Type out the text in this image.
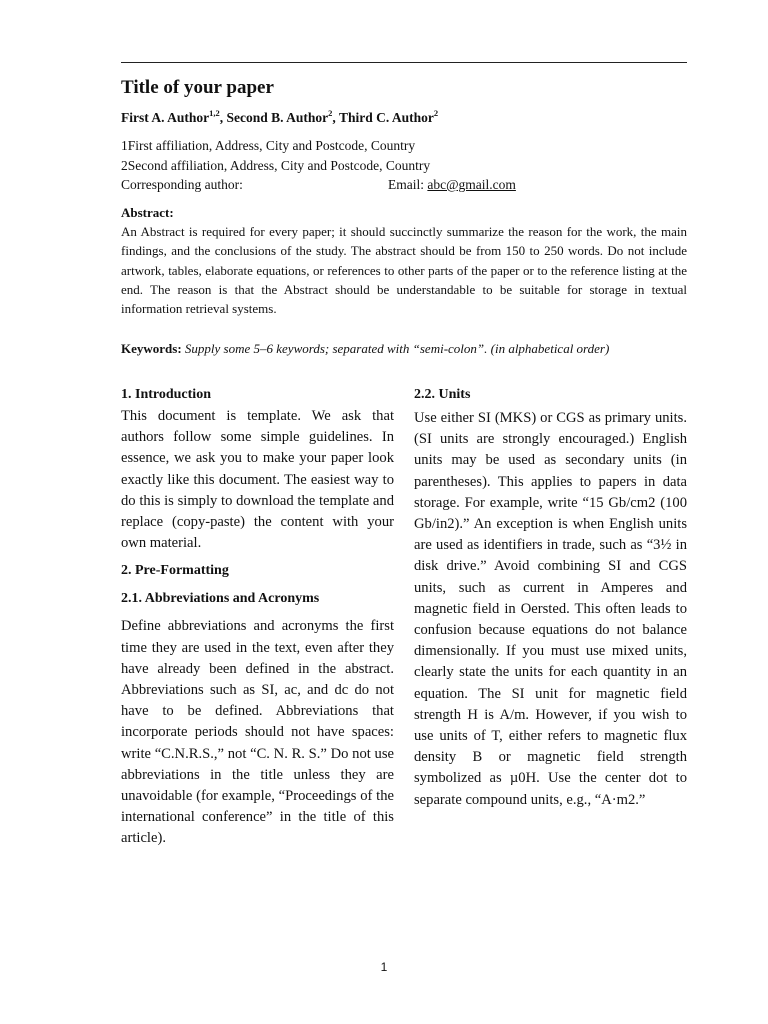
Title of your paper
First A. Author$^{1,2}$, Second B. Author$^2$, Third C. Author$^2$
1First affiliation, Address, City and Postcode, Country
2Second affiliation, Address, City and Postcode, Country
Corresponding author:	Email: abc@gmail.com
Abstract:

An Abstract is required for every paper; it should succinctly summarize the reason for the work, the main findings, and the conclusions of the study. The abstract should be from 150 to 250 words. Do not include artwork, tables, elaborate equations, or references to other parts of the paper or to the reference listing at the end. The reason is that the Abstract should be understandable to be suitable for storage in textual information retrieval systems.

Keywords: Supply some 5–6 keywords; separated with “semi-colon”. (in alphabetical order)

1. Introduction

This document is template. We ask that authors follow some simple guidelines. In essence, we ask you to make your paper look exactly like this document. The easiest way to do this is simply to download the template and replace (copy-paste) the content with your own material.

2. Pre-Formatting
2.1. Abbreviations and Acronyms

Define abbreviations and acronyms the first time they are used in the text, even after they have already been defined in the abstract. Abbreviations such as SI, ac, and dc do not have to be defined. Abbreviations that incorporate periods should not have spaces: write “C.N.R.S.,” not “C. N. R. S.” Do not use abbreviations in the title unless they are unavoidable (for example, “Proceedings of the international conference” in the title of this article).

2.2. Units

Use either SI (MKS) or CGS as primary units. (SI units are strongly encouraged.) English units may be used as secondary units (in parentheses). This applies to papers in data storage. For example, write “15 Gb/cm2 (100 Gb/in2).” An exception is when English units are used as identifiers in trade, such as “3½ in disk drive.” Avoid combining SI and CGS units, such as current in Amperes and magnetic field in Oersted. This often leads to confusion because equations do not balance dimensionally. If you must use mixed units, clearly state the units for each quantity in an equation. The SI unit for magnetic field strength H is A/m. However, if you wish to use units of T, either refers to magnetic flux density B or magnetic field strength symbolized as µ0H. Use the center dot to separate compound units, e.g., “A·m2.”

1
